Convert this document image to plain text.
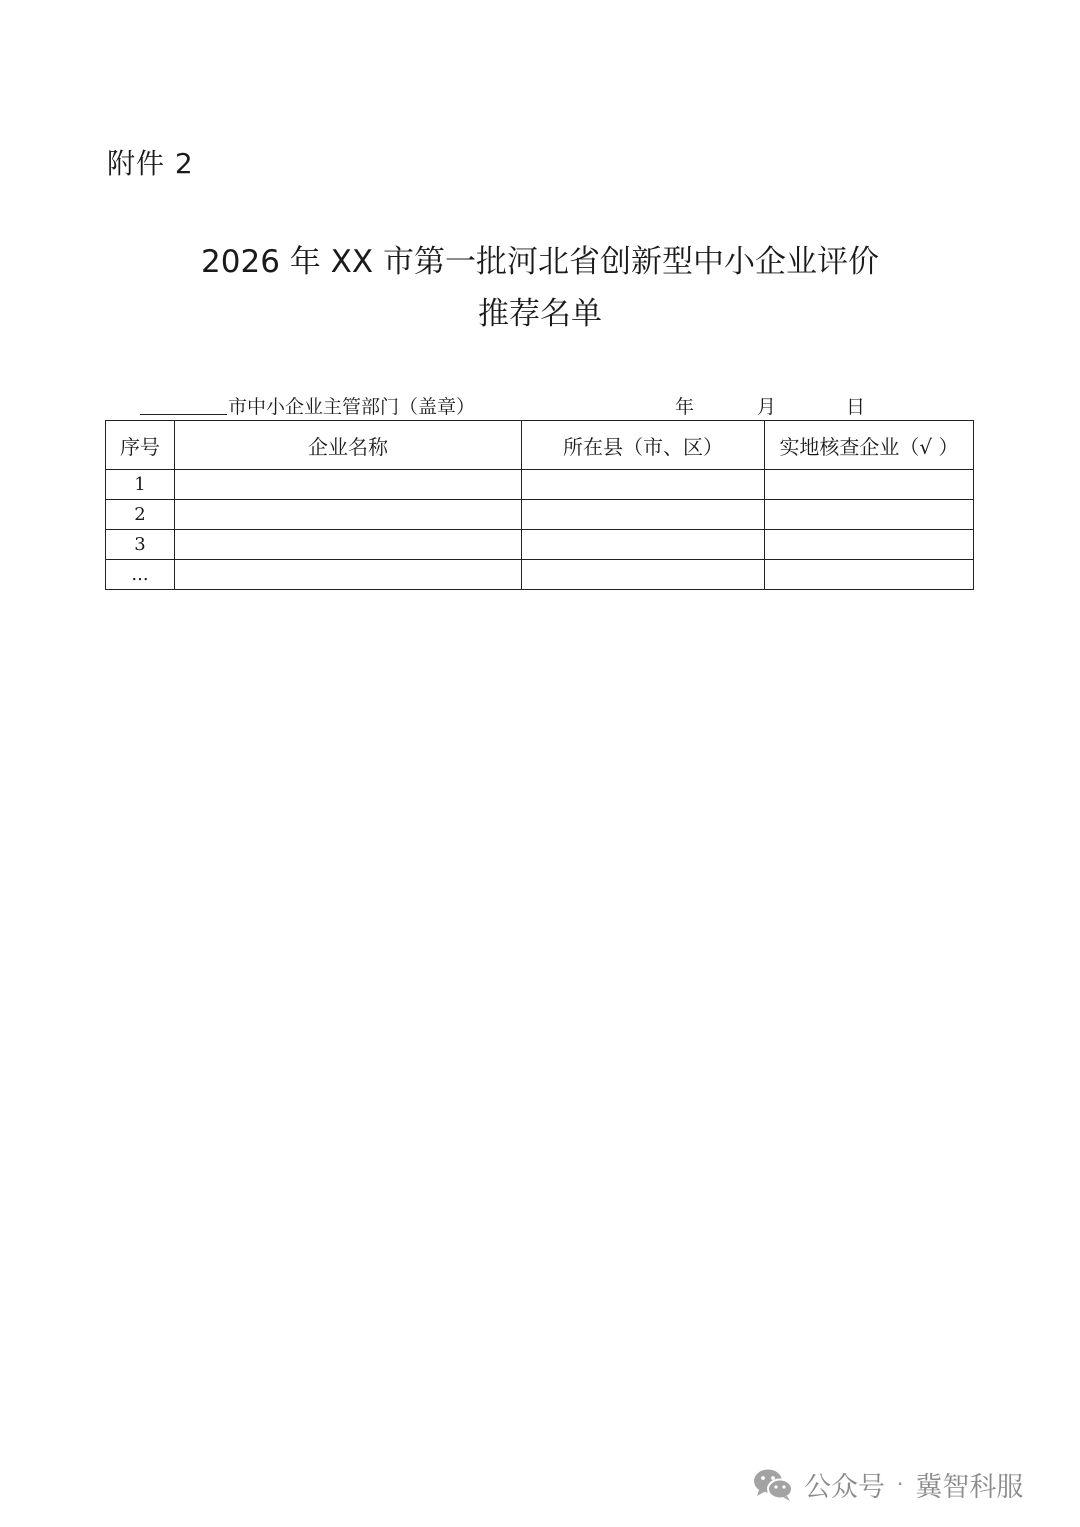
附件 2
2026 年 XX 市第一批河北省创新型中小企业评价
推荐名单
市中小企业主管部门（盖章）	年	月	日
序号	企业名称	所在县（市、区）	实地核查企业（√ ）
1			
2			
3			
...			
公众号 · 冀智科服
